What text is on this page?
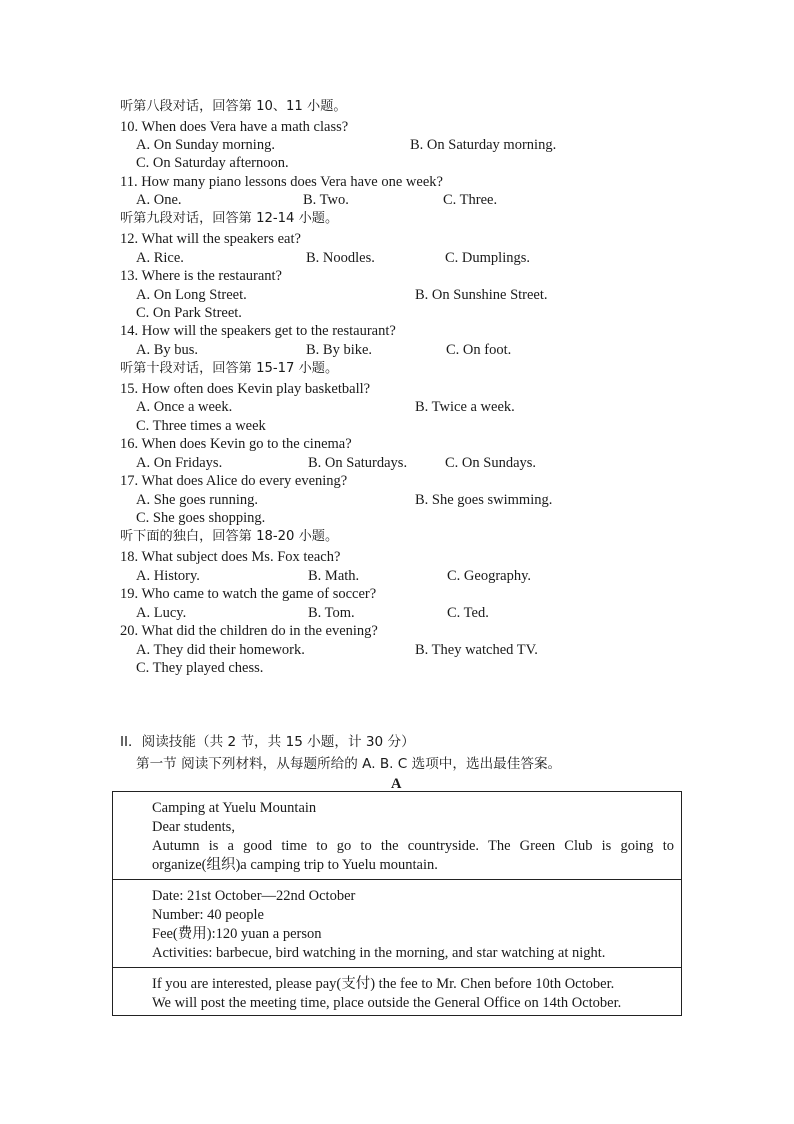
听第八段对话，回答第 10、11 小题。
10. When does Vera have a math class?
A. On Sunday morning.	B. On Saturday morning.
C. On Saturday afternoon.
11. How many piano lessons does Vera have one week?
A. One.	B. Two.	C. Three.
听第九段对话，回答第 12-14 小题。
12. What will the speakers eat?
A. Rice.	B. Noodles.	C. Dumplings.
13. Where is the restaurant?
A. On Long Street.	B. On Sunshine Street.
C. On Park Street.
14. How will the speakers get to the restaurant?
A. By bus.	B. By bike.	C. On foot.
听第十段对话，回答第 15-17 小题。
15. How often does Kevin play basketball?
A. Once a week.	B. Twice a week.
C. Three times a week
16. When does Kevin go to the cinema?
A. On Fridays.	B. On Saturdays.	C. On Sundays.
17. What does Alice do every evening?
A. She goes running.	B. She goes swimming.
C. She goes shopping.
听下面的独白，回答第 18-20 小题。
18. What subject does Ms. Fox teach?
A. History.	B. Math.	C. Geography.
19. Who came to watch the game of soccer?
A. Lucy.	B. Tom.	C. Ted.
20. What did the children do in the evening?
A. They did their homework.	B. They watched TV.
C. They played chess.
II．阅读技能（共 2 节，共 15 小题，计 30 分）
第一节 阅读下列材料，从每题所给的 A. B. C 选项中，选出最佳答案。
A
Camping at Yuelu Mountain
Dear students,
Autumn is a good time to go to the countryside. The Green Club is going to
organize(组织)a camping trip to Yuelu mountain.
Date: 21st October—22nd October
Number: 40 people
Fee(费用):120 yuan a person
Activities: barbecue, bird watching in the morning, and star watching at night.
If you are interested, please pay(支付) the fee to Mr. Chen before 10th October.
We will post the meeting time, place outside the General Office on 14th October.
